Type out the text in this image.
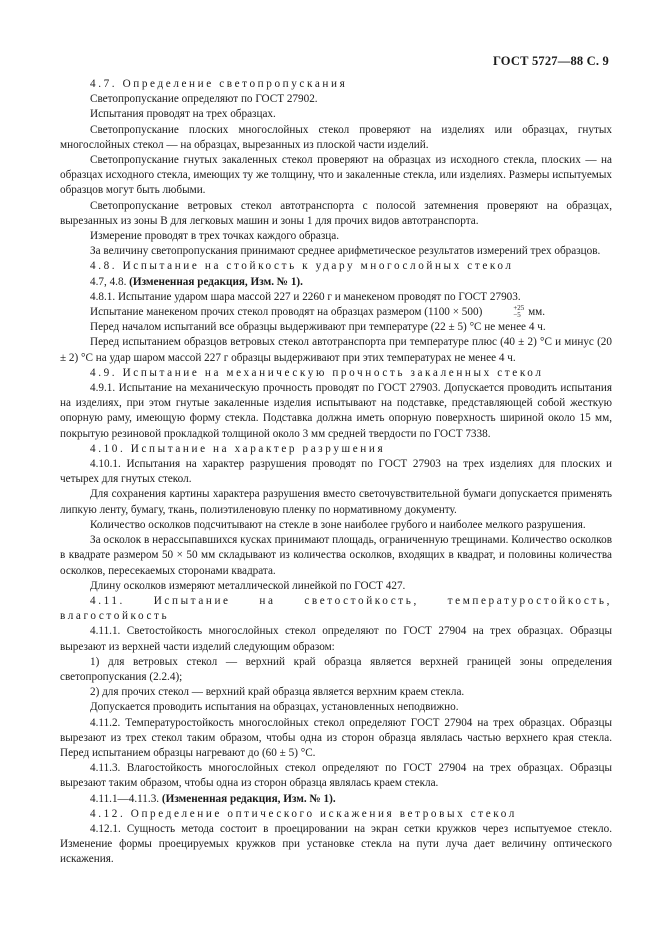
ГОСТ 5727—88 С. 9

4.7. Определение светопропускания

Светопропускание определяют по ГОСТ 27902.

Испытания проводят на трех образцах.

Светопропускание плоских многослойных стекол проверяют на изделиях или образцах, гнутых многослойных стекол — на образцах, вырезанных из плоской части изделий.

Светопропускание гнутых закаленных стекол проверяют на образцах из исходного стекла, плоских — на образцах исходного стекла, имеющих ту же толщину, что и закаленные стекла, или изделиях. Размеры испытуемых образцов могут быть любыми.

Светопропускание ветровых стекол автотранспорта с полосой затемнения проверяют на образцах, вырезанных из зоны В для легковых машин и зоны 1 для прочих видов автотранспорта.

Измерение проводят в трех точках каждого образца.

За величину светопропускания принимают среднее арифметическое результатов измерений трех образцов.

4.8. Испытание на стойкость к удару многослойных стекол

4.7, 4.8. (Измененная редакция, Изм. № 1).

4.8.1. Испытание ударом шара массой 227 и 2260 г и манекеном проводят по ГОСТ 27903.

Испытание манекеном прочих стекол проводят на образцах размером (1100 × 500)	+25
−5 мм.

Перед началом испытаний все образцы выдерживают при температуре (22 ± 5) °С не менее 4 ч.

Перед испытанием образцов ветровых стекол автотранспорта при температуре плюс (40 ± 2) °С и минус (20 ± 2) °С на удар шаром массой 227 г образцы выдерживают при этих температурах не менее 4 ч.

4.9. Испытание на механическую прочность закаленных стекол

4.9.1. Испытание на механическую прочность проводят по ГОСТ 27903. Допускается проводить испытания на изделиях, при этом гнутые закаленные изделия испытывают на подставке, представляющей собой жесткую опорную раму, имеющую форму стекла. Подставка должна иметь опорную поверхность шириной около 15 мм, покрытую резиновой прокладкой толщиной около 3 мм средней твердости по ГОСТ 7338.

4.10. Испытание на характер разрушения

4.10.1. Испытания на характер разрушения проводят по ГОСТ 27903 на трех изделиях для плоских и четырех для гнутых стекол.

Для сохранения картины характера разрушения вместо светочувствительной бумаги допускается применять липкую ленту, бумагу, ткань, полиэтиленовую пленку по нормативному документу.

Количество осколков подсчитывают на стекле в зоне наиболее грубого и наиболее мелкого разрушения.

За осколок в нерассыпавшихся кусках принимают площадь, ограниченную трещинами. Количество осколков в квадрате размером 50 × 50 мм складывают из количества осколков, входящих в квадрат, и половины количества осколков, пересекаемых сторонами квадрата.

Длину осколков измеряют металлической линейкой по ГОСТ 427.

4.11. Испытание на светостойкость, температуростойкость, влагостойкость

4.11.1. Светостойкость многослойных стекол определяют по ГОСТ 27904 на трех образцах. Образцы вырезают из верхней части изделий следующим образом:

1) для ветровых стекол — верхний край образца является верхней границей зоны определения светопропускания (2.2.4);

2) для прочих стекол — верхний край образца является верхним краем стекла.

Допускается проводить испытания на образцах, установленных неподвижно.

4.11.2. Температуростойкость многослойных стекол определяют ГОСТ 27904 на трех образцах. Образцы вырезают из трех стекол таким образом, чтобы одна из сторон образца являлась частью верхнего края стекла. Перед испытанием образцы нагревают до (60 ± 5) °С.

4.11.3. Влагостойкость многослойных стекол определяют по ГОСТ 27904 на трех образцах. Образцы вырезают таким образом, чтобы одна из сторон образца являлась краем стекла.

4.11.1—4.11.3. (Измененная редакция, Изм. № 1).

4.12. Определение оптического искажения ветровых стекол

4.12.1. Сущность метода состоит в проецировании на экран сетки кружков через испытуемое стекло. Изменение формы проецируемых кружков при установке стекла на пути луча дает величину оптического искажения.
